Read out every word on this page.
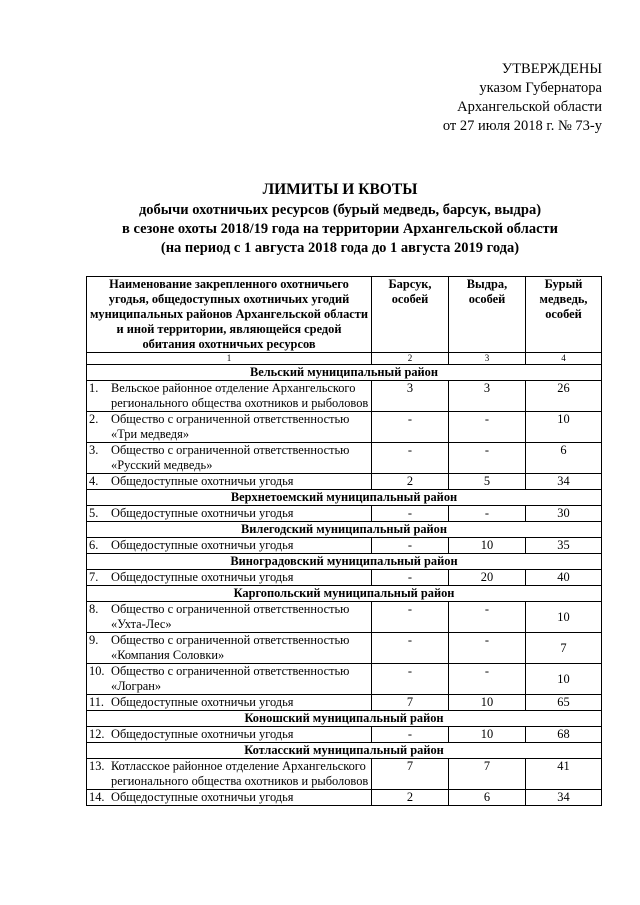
УТВЕРЖДЕНЫ
указом Губернатора
Архангельской области
от 27 июля 2018 г. № 73-у
ЛИМИТЫ И КВОТЫ
добычи охотничьих ресурсов (бурый медведь, барсук, выдра)
в сезоне охоты 2018/19 года на территории Архангельской области
(на период с 1 августа 2018 года до 1 августа 2019 года)
Наименование закрепленного охотничьего угодья, общедоступных охотничьих угодий муниципальных районов Архангельской области и иной территории, являющейся средой обитания охотничьих ресурсов	Барсук, особей	Выдра, особей	Бурый медведь, особей
1	2	3	4
Вельский муниципальный район			

1. Вельское районное отделение Архангельского регионального общества охотников и рыболовов	3	3	26

2. Общество с ограниченной ответственностью «Три медведя»	-	-	10

3. Общество с ограниченной ответственностью «Русский медведь»	-	-	6

4. Общедоступные охотничьи угодья	2	5	34
Верхнетоемский муниципальный район			

5. Общедоступные охотничьи угодья	-	-	30
Вилегодский муниципальный район			

6. Общедоступные охотничьи угодья	-	10	35
Виноградовский муниципальный район			

7. Общедоступные охотничьи угодья	-	20	40
Каргопольский муниципальный район			

8. Общество с ограниченной ответственностью «Ухта-Лес»	-	-	10

9. Общество с ограниченной ответственностью «Компания Соловки»	-	-	7

10. Общество с ограниченной ответственностью «Логран»	-	-	10

11. Общедоступные охотничьи угодья	7	10	65
Коношский муниципальный район			

12. Общедоступные охотничьи угодья	-	10	68
Котласский муниципальный район			

13. Котласское районное отделение Архангельского регионального общества охотников и рыболовов	7	7	41

14. Общедоступные охотничьи угодья	2	6	34
